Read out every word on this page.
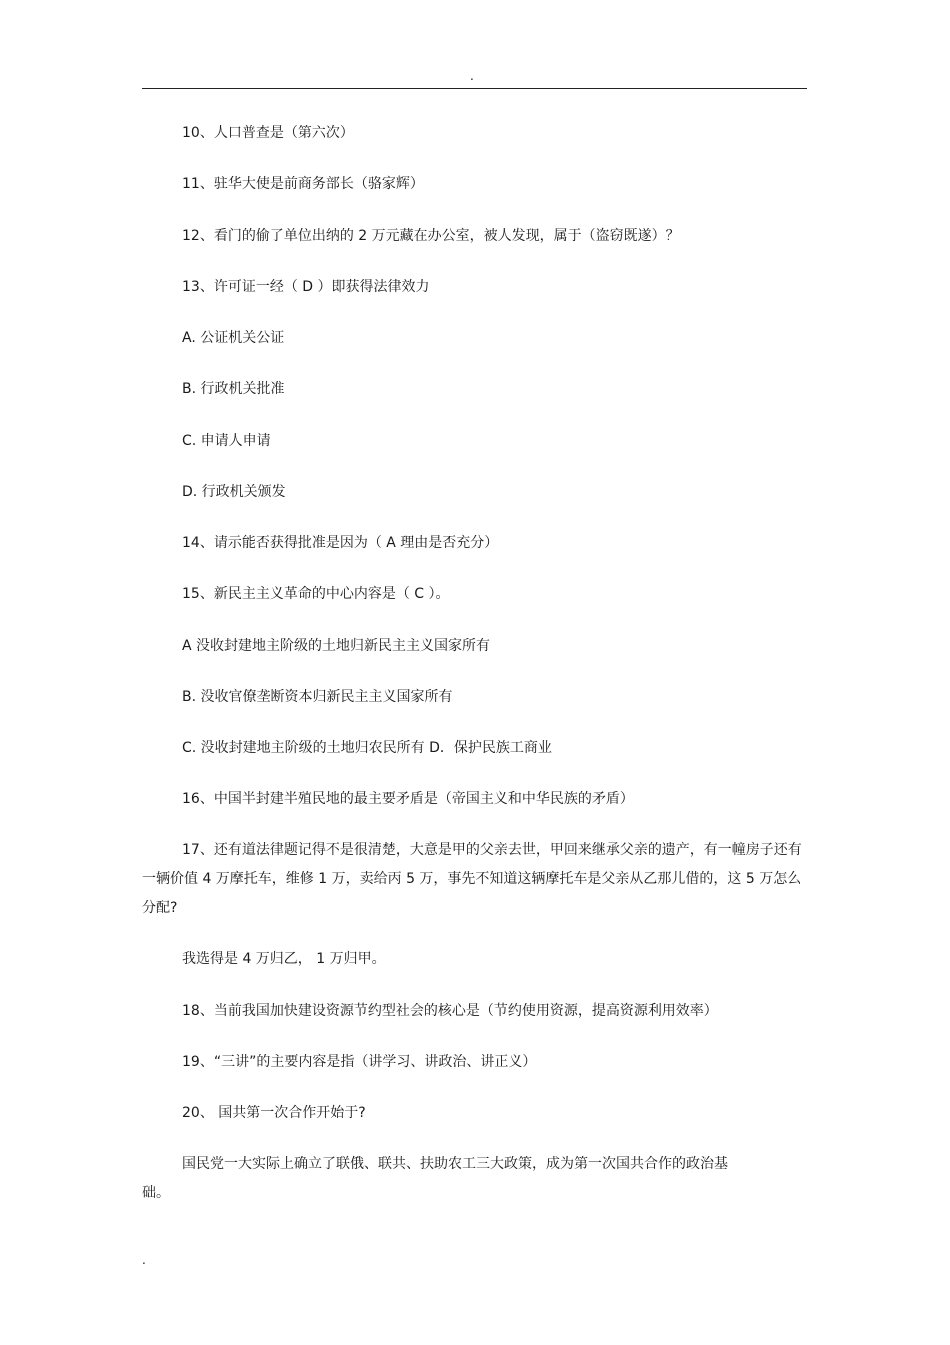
.
10、人口普查是（第六次）
11、驻华大使是前商务部长（骆家辉）
12、看门的偷了单位出纳的 2 万元藏在办公室，被人发现，属于（盗窃既遂）？
13、许可证一经（ D ）即获得法律效力
A. 公证机关公证
B. 行政机关批准
C. 申请人申请
D. 行政机关颁发
14、请示能否获得批准是因为（ A 理由是否充分）
15、新民主主义革命的中心内容是（ C ）。
A 没收封建地主阶级的土地归新民主主义国家所有
B. 没收官僚垄断资本归新民主主义国家所有
C. 没收封建地主阶级的土地归农民所有 D．保护民族工商业
16、中国半封建半殖民地的最主要矛盾是（帝国主义和中华民族的矛盾）
17、还有道法律题记得不是很清楚，大意是甲的父亲去世，甲回来继承父亲的遗产，有一幢房子还有一辆价值 4 万摩托车，维修 1 万，卖给丙 5 万，事先不知道这辆摩托车是父亲从乙那儿借的，这 5 万怎么分配?
我选得是 4 万归乙， 1 万归甲。
18、当前我国加快建设资源节约型社会的核心是（节约使用资源，提高资源利用效率）
19、“三讲”的主要内容是指（讲学习、讲政治、讲正义）
20、 国共第一次合作开始于?
国民党一大实际上确立了联俄、联共、扶助农工三大政策，成为第一次国共合作的政治基础。
.
